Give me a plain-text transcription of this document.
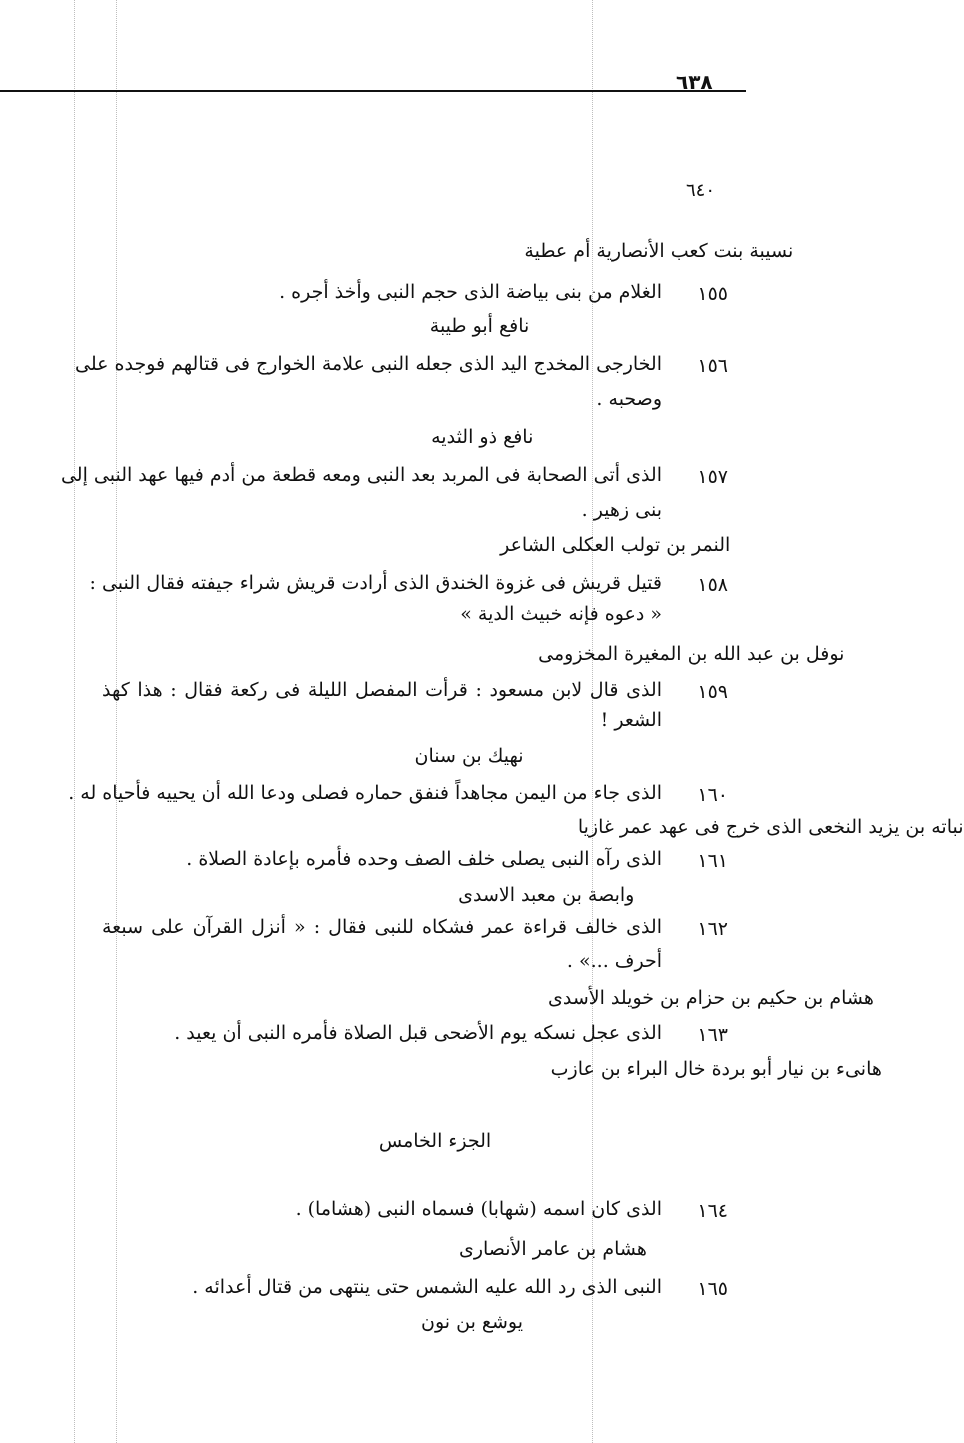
٦٣٨
٦٤٠
نسيبة بنت كعب الأنصارية أم عطية
١٥٥
الغلام من بنى بياضة الذى حجم النبى وأخذ أجره .
نافع أبو طيبة
١٥٦
الخارجى المخدج اليد الذى جعله النبى علامة الخوارج فى قتالهم فوجده على
وصحبه .
نافع ذو الثديه
١٥٧
الذى أتى الصحابة فى المربد بعد النبى ومعه قطعة من أدم فيها عهد النبى إلى
بنى زهير .
النمر بن تولب العكلى الشاعر
١٥٨
قتيل قريش فى غزوة الخندق الذى أرادت قريش شراء جيفته فقال النبى :
« دعوه فإنه خبيث الدية »
نوفل بن عبد الله بن المغيرة المخزومى
١٥٩
الذى قال لابن مسعود : قرأت المفصل الليلة فى ركعة فقال : هذا كهذ
الشعر !
نهيك بن سنان
١٦٠
الذى جاء من اليمن مجاهداً فنفق حماره فصلى ودعا الله أن يحييه فأحياه له .
نباته بن يزيد النخعى الذى خرج فى عهد عمر غازيا
١٦١
الذى رآه النبى يصلى خلف الصف وحده فأمره بإعادة الصلاة .
وابصة بن معبد الاسدى
١٦٢
الذى خالف قراءة عمر فشكاه للنبى فقال : « أنزل القرآن على سبعة
أحرف ...» .
هشام بن حكيم بن حزام بن خويلد الأسدى
١٦٣
الذى عجل نسكه يوم الأضحى قبل الصلاة فأمره النبى أن يعيد .
هانىء بن نيار أبو بردة خال البراء بن عازب
الجزء الخامس
١٦٤
الذى كان اسمه (شهابا) فسماه النبى (هشاما) .
هشام بن عامر الأنصارى
١٦٥
النبى الذى رد الله عليه الشمس حتى ينتهى من قتال أعدائه .
يوشع بن نون
